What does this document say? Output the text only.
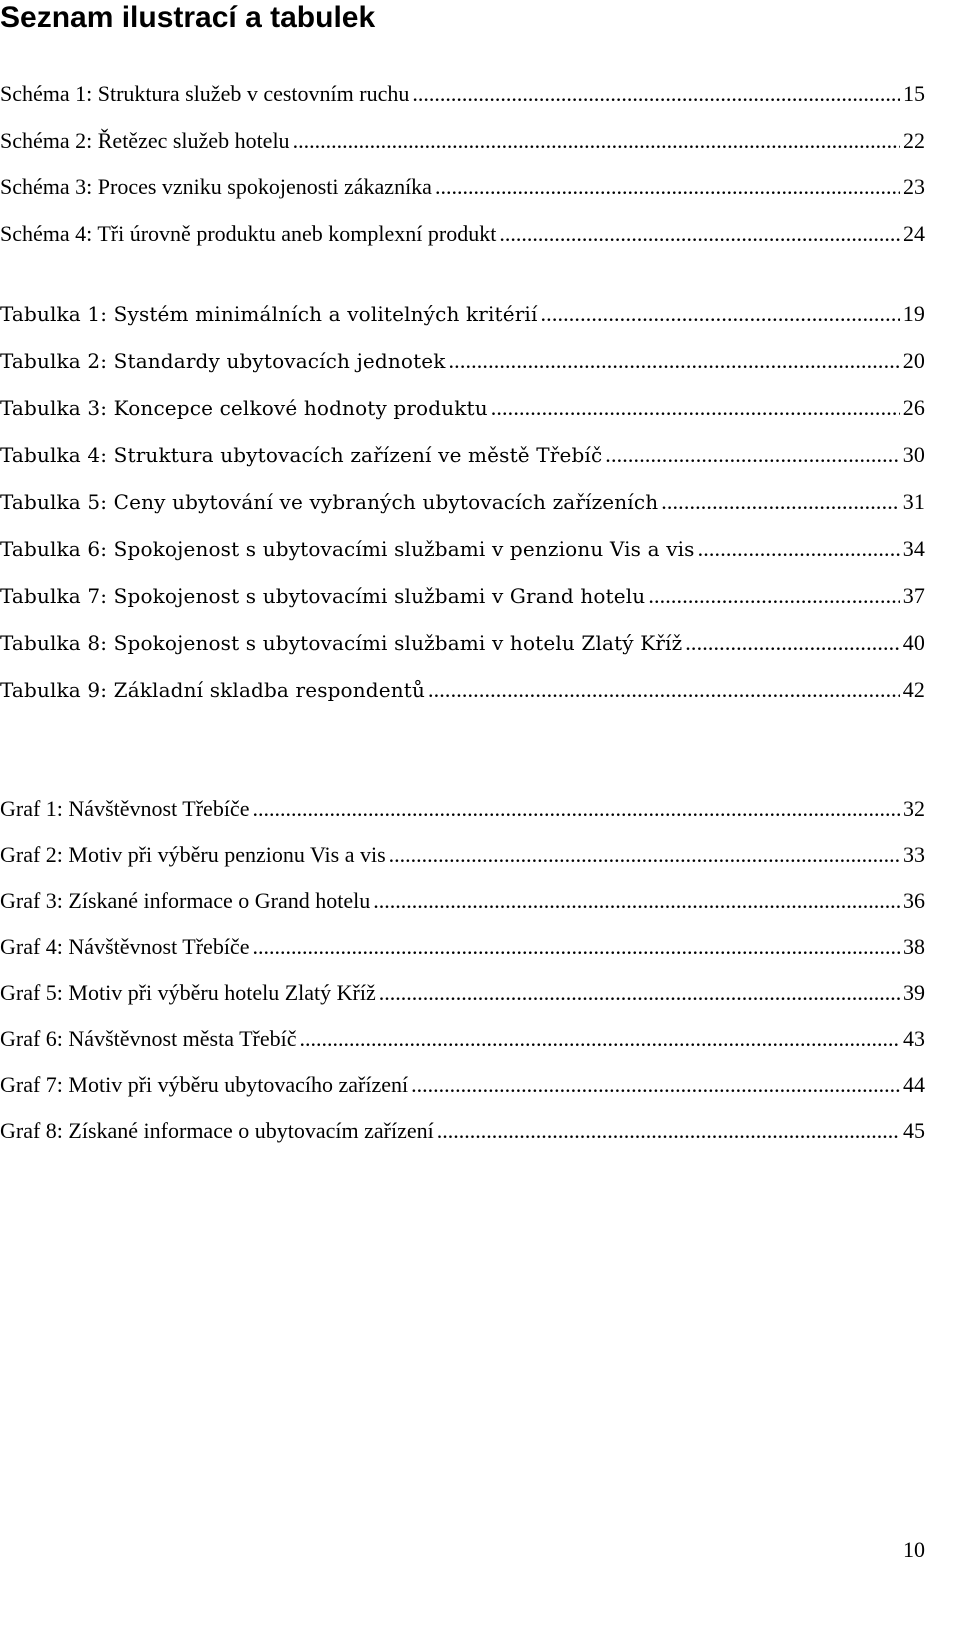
Seznam ilustrací a tabulek
Schéma 1: Struktura služeb v cestovním ruchu .....	15
Schéma 2: Řetězec služeb hotelu .....	22
Schéma 3: Proces vzniku spokojenosti zákazníka .....	23
Schéma 4: Tři úrovně produktu aneb komplexní produkt .....	24
Tabulka 1: Systém minimálních a volitelných kritérií .....	19
Tabulka 2: Standardy ubytovacích jednotek .....	20
Tabulka 3: Koncepce celkové hodnoty produktu .....	26
Tabulka 4: Struktura ubytovacích zařízení ve městě Třebíč .....	30
Tabulka 5: Ceny ubytování ve vybraných ubytovacích zařízeních .....	31
Tabulka 6: Spokojenost s ubytovacími službami v penzionu Vis a vis .....	34
Tabulka 7: Spokojenost s ubytovacími službami v Grand hotelu .....	37
Tabulka 8: Spokojenost s ubytovacími službami v hotelu Zlatý Kříž .....	40
Tabulka 9: Základní skladba respondentů .....	42
Graf 1: Návštěvnost Třebíče .....	32
Graf 2: Motiv při výběru penzionu Vis a vis .....	33
Graf 3: Získané informace o Grand hotelu .....	36
Graf 4: Návštěvnost Třebíče .....	38
Graf 5: Motiv při výběru hotelu Zlatý Kříž .....	39
Graf 6: Návštěvnost města Třebíč .....	43
Graf 7: Motiv při výběru ubytovacího zařízení .....	44
Graf 8: Získané informace o ubytovacím zařízení .....	45
10
